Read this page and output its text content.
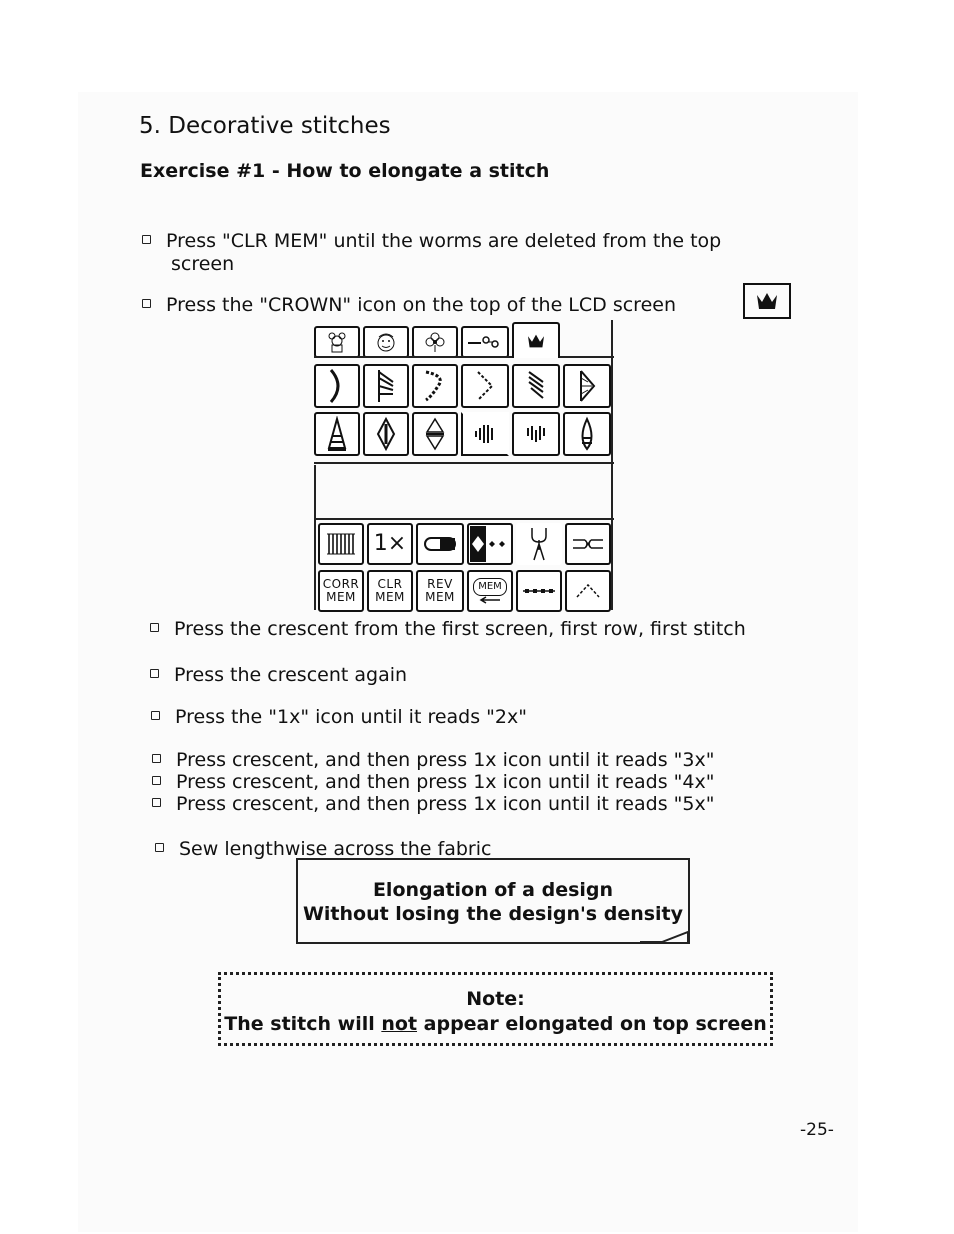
5. Decorative stitches
Exercise #1 - How to elongate a stitch
Press "CLR MEM" until the worms are deleted from the top
screen
Press the "CROWN" icon on the top of the LCD screen
1×
CORR
MEM
CLR
MEM
REV
MEM
MEM
Press the crescent from the first screen, first row, first stitch
Press the crescent again
Press the "1x" icon until it reads "2x"
Press crescent, and then press 1x icon until it reads "3x"
Press crescent, and then press 1x icon until it reads "4x"
Press crescent, and then press 1x icon until it reads "5x"
Sew lengthwise across the fabric
Elongation of a design
Without losing the design's density
Note:
The stitch will not appear elongated on top screen
-25-
